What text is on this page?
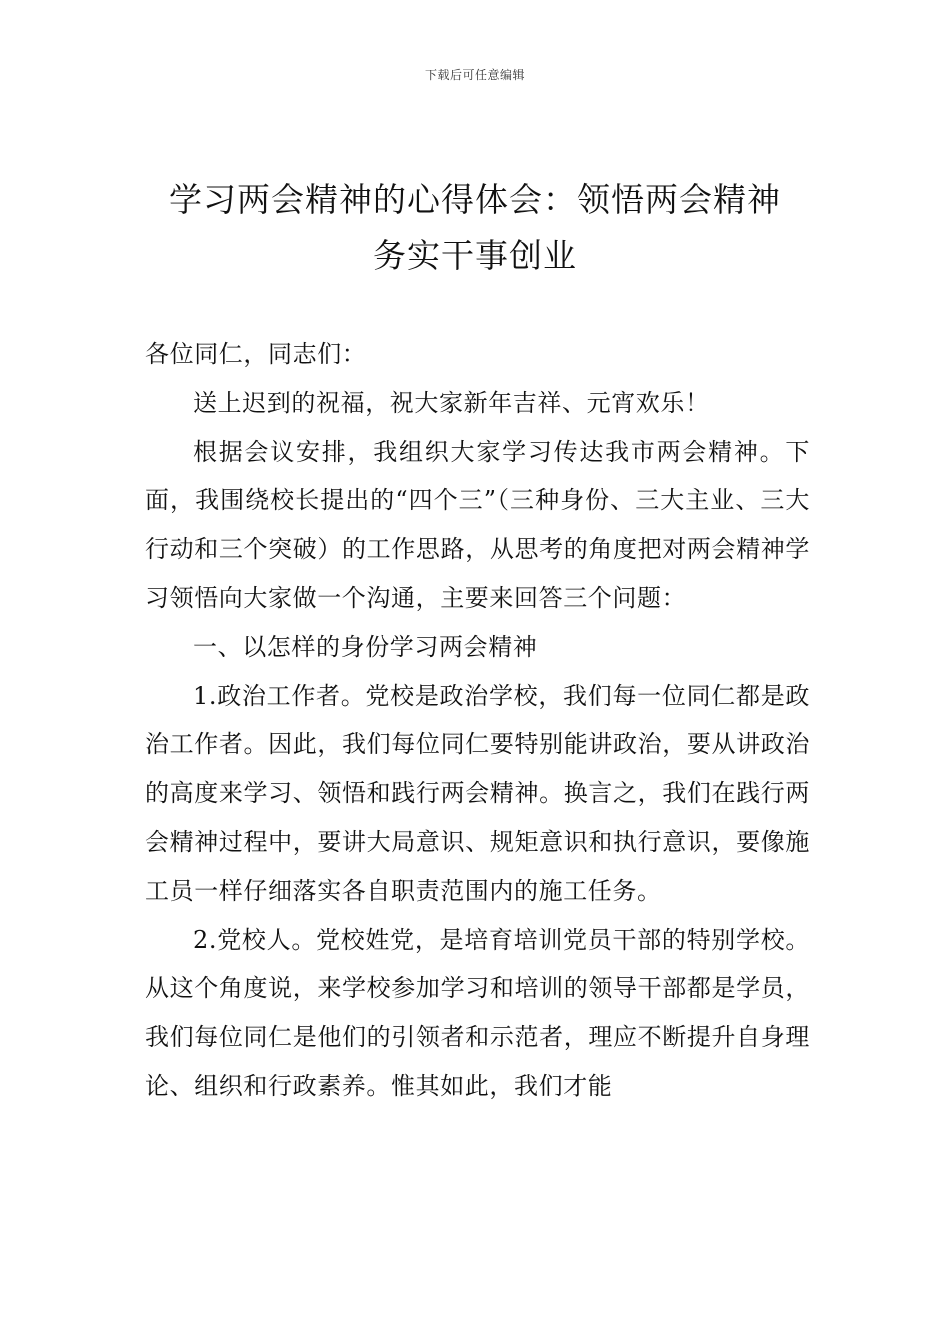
下载后可任意编辑
学习两会精神的心得体会：领悟两会精神
务实干事创业

各位同仁，同志们：

送上迟到的祝福，祝大家新年吉祥、元宵欢乐！

根据会议安排，我组织大家学习传达我市两会精神。下面，我围绕校长提出的“四个三”（三种身份、三大主业、三大行动和三个突破）的工作思路，从思考的角度把对两会精神学习领悟向大家做一个沟通，主要来回答三个问题：

一、以怎样的身份学习两会精神

1.政治工作者。党校是政治学校，我们每一位同仁都是政治工作者。因此，我们每位同仁要特别能讲政治，要从讲政治的高度来学习、领悟和践行两会精神。换言之，我们在践行两会精神过程中，要讲大局意识、规矩意识和执行意识，要像施工员一样仔细落实各自职责范围内的施工任务。

2.党校人。党校姓党，是培育培训党员干部的特别学校。从这个角度说，来学校参加学习和培训的领导干部都是学员，我们每位同仁是他们的引领者和示范者，理应不断提升自身理论、组织和行政素养。惟其如此，我们才能
